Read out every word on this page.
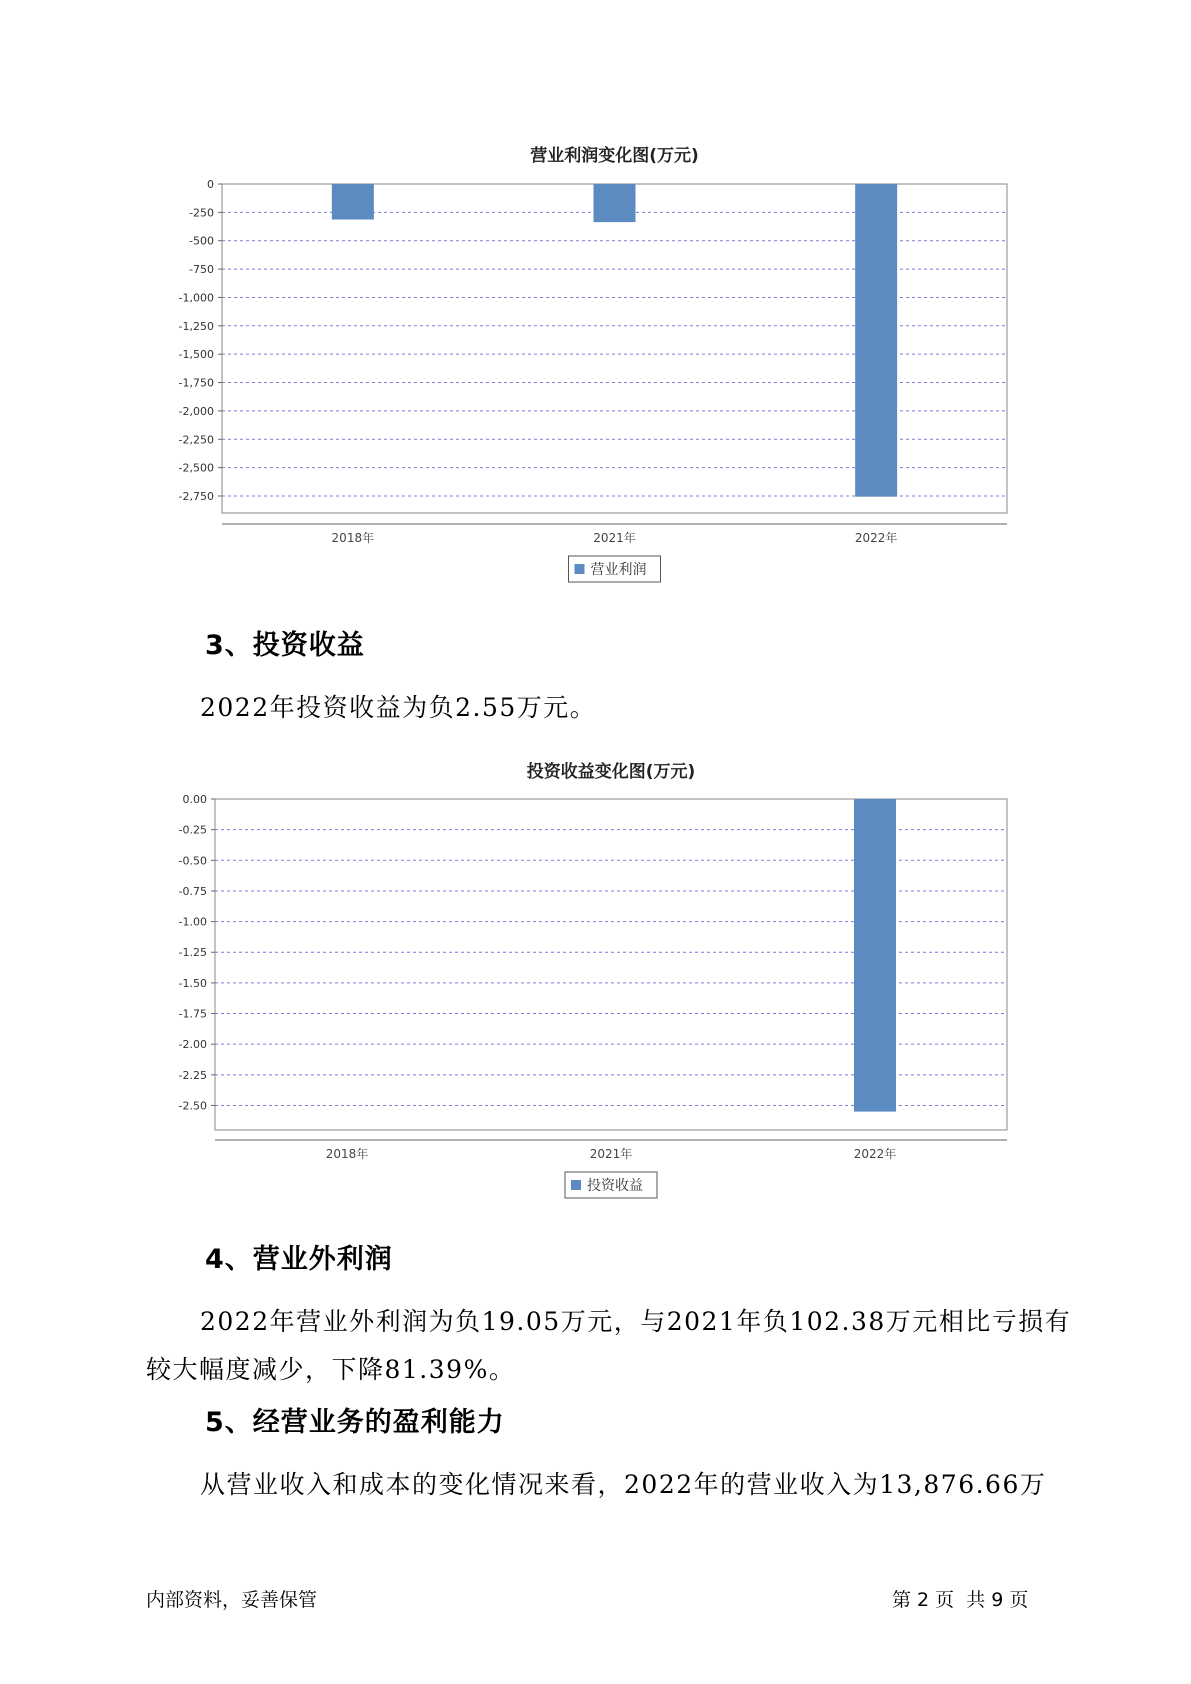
营业利润变化图(万元)
0
-250
-500
-750
-1,000
-1,250
-1,500
-1,750
-2,000
-2,250
-2,500
-2,750
2018年	2021年	2022年
营业利润
投资收益变化图(万元)
0.00
-0.25
-0.50
-0.75
-1.00
-1.25
-1.50
-1.75
-2.00
-2.25
-2.50
2018年	2021年	2022年
投资收益
3、投资收益

2022年投资收益为负2.55万元。

4、营业外利润

2022年营业外利润为负19.05万元，与2021年负102.38万元相比亏损有

较大幅度减少，下降81.39%。

5、经营业务的盈利能力

从营业收入和成本的变化情况来看，2022年的营业收入为13,876.66万

内部资料，妥善保管	第 2 页  共 9 页
